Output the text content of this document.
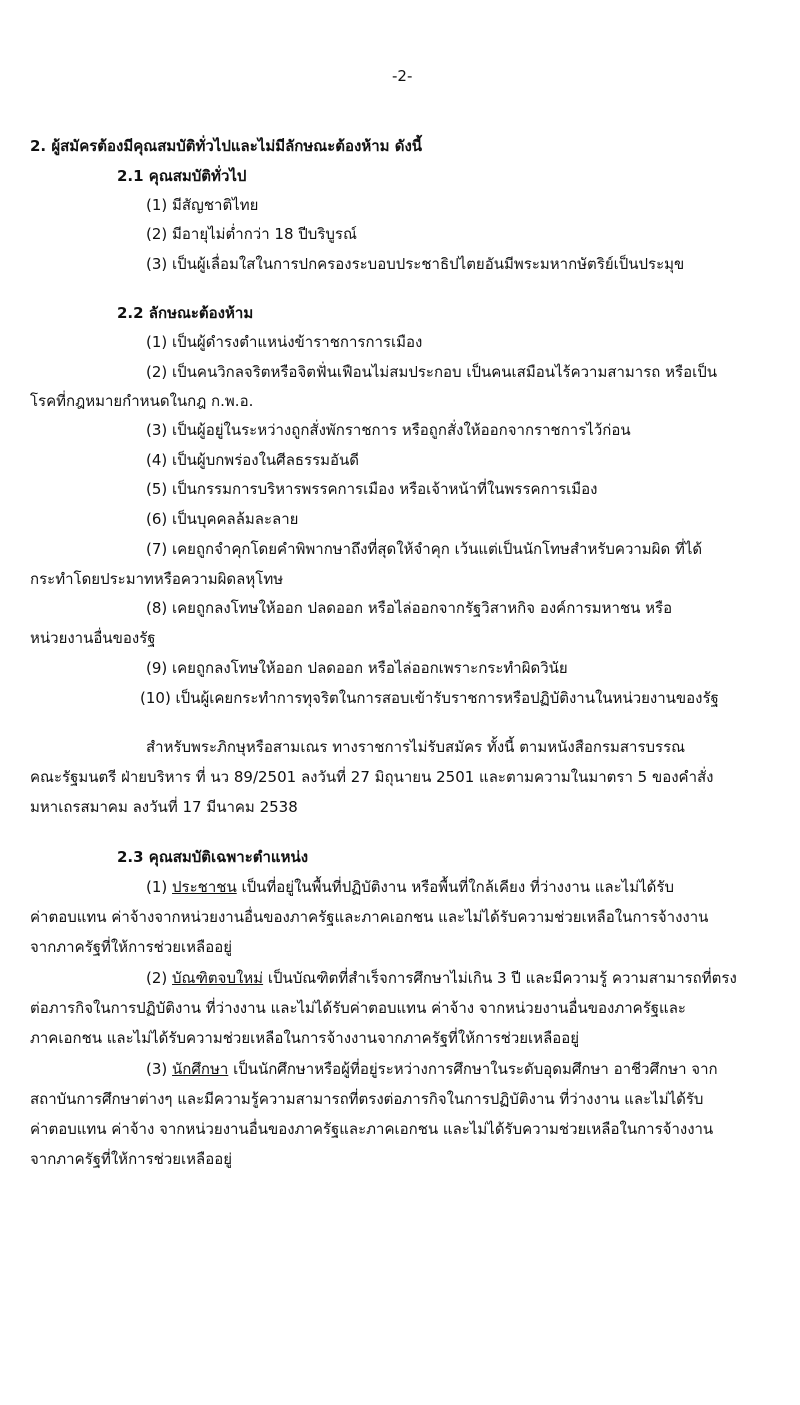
-2-
2. ผู้สมัครต้องมีคุณสมบัติทั่วไปและไม่มีลักษณะต้องห้าม ดังนี้
2.1 คุณสมบัติทั่วไป
(1) มีสัญชาติไทย
(2) มีอายุไม่ต่ำกว่า 18 ปีบริบูรณ์
(3) เป็นผู้เลื่อมใสในการปกครองระบอบประชาธิปไตยอันมีพระมหากษัตริย์เป็นประมุข
2.2 ลักษณะต้องห้าม
(1) เป็นผู้ดำรงตำแหน่งข้าราชการการเมือง
(2) เป็นคนวิกลจริตหรือจิตฟั่นเฟือนไม่สมประกอบ เป็นคนเสมือนไร้ความสามารถ หรือเป็น
โรคที่กฎหมายกำหนดในกฎ ก.พ.อ.
(3) เป็นผู้อยู่ในระหว่างถูกสั่งพักราชการ หรือถูกสั่งให้ออกจากราชการไว้ก่อน
(4) เป็นผู้บกพร่องในศีลธรรมอันดี
(5) เป็นกรรมการบริหารพรรคการเมือง หรือเจ้าหน้าที่ในพรรคการเมือง
(6) เป็นบุคคลล้มละลาย
(7) เคยถูกจำคุกโดยคำพิพากษาถึงที่สุดให้จำคุก เว้นแต่เป็นนักโทษสำหรับความผิด ที่ได้
กระทำโดยประมาทหรือความผิดลหุโทษ
(8) เคยถูกลงโทษให้ออก ปลดออก หรือไล่ออกจากรัฐวิสาหกิจ องค์การมหาชน หรือ
หน่วยงานอื่นของรัฐ
(9) เคยถูกลงโทษให้ออก ปลดออก หรือไล่ออกเพราะกระทำผิดวินัย
(10) เป็นผู้เคยกระทำการทุจริตในการสอบเข้ารับราชการหรือปฏิบัติงานในหน่วยงานของรัฐ
สำหรับพระภิกษุหรือสามเณร ทางราชการไม่รับสมัคร ทั้งนี้ ตามหนังสือกรมสารบรรณ
คณะรัฐมนตรี ฝ่ายบริหาร ที่ นว 89/2501 ลงวันที่ 27 มิถุนายน 2501 และตามความในมาตรา 5 ของคำสั่ง
มหาเถรสมาคม ลงวันที่ 17 มีนาคม 2538
2.3 คุณสมบัติเฉพาะตำแหน่ง
(1) ประชาชน เป็นที่อยู่ในพื้นที่ปฏิบัติงาน หรือพื้นที่ใกล้เคียง ที่ว่างงาน และไม่ได้รับ
ค่าตอบแทน ค่าจ้างจากหน่วยงานอื่นของภาครัฐและภาคเอกชน และไม่ได้รับความช่วยเหลือในการจ้างงาน
จากภาครัฐที่ให้การช่วยเหลืออยู่
(2) บัณฑิตจบใหม่ เป็นบัณฑิตที่สำเร็จการศึกษาไม่เกิน 3 ปี และมีความรู้ ความสามารถที่ตรง
ต่อภารกิจในการปฏิบัติงาน ที่ว่างงาน และไม่ได้รับค่าตอบแทน ค่าจ้าง จากหน่วยงานอื่นของภาครัฐและ
ภาคเอกชน และไม่ได้รับความช่วยเหลือในการจ้างงานจากภาครัฐที่ให้การช่วยเหลืออยู่
(3) นักศึกษา เป็นนักศึกษาหรือผู้ที่อยู่ระหว่างการศึกษาในระดับอุดมศึกษา อาชีวศึกษา จาก
สถาบันการศึกษาต่างๆ และมีความรู้ความสามารถที่ตรงต่อภารกิจในการปฏิบัติงาน ที่ว่างงาน และไม่ได้รับ
ค่าตอบแทน ค่าจ้าง จากหน่วยงานอื่นของภาครัฐและภาคเอกชน และไม่ได้รับความช่วยเหลือในการจ้างงาน
จากภาครัฐที่ให้การช่วยเหลืออยู่
